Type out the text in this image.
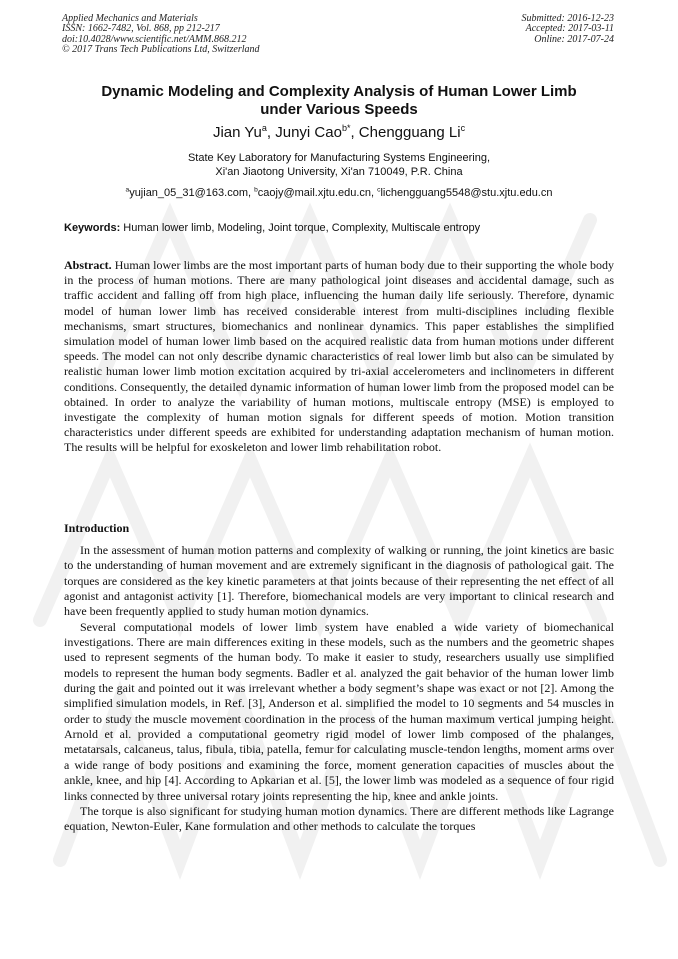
Applied Mechanics and Materials
ISSN: 1662-7482, Vol. 868, pp 212-217
doi:10.4028/www.scientific.net/AMM.868.212
© 2017 Trans Tech Publications Ltd, Switzerland
Submitted: 2016-12-23
Accepted: 2017-03-11
Online: 2017-07-24
Dynamic Modeling and Complexity Analysis of Human Lower Limb
under Various Speeds
Jian Yu$^a$, Junyi Cao$^{b*}$, Chengguang Li$^c$
State Key Laboratory for Manufacturing Systems Engineering,
Xi'an Jiaotong University, Xi'an 710049, P.R. China
$^a$yujian_05_31@163.com, $^b$caojy@mail.xjtu.edu.cn, $^c$lichengguang5548@stu.xjtu.edu.cn
Keywords: Human lower limb, Modeling, Joint torque, Complexity, Multiscale entropy
Abstract. Human lower limbs are the most important parts of human body due to their supporting the whole body in the process of human motions. There are many pathological joint diseases and accidental damage, such as traffic accident and falling off from high place, influencing the human daily life seriously. Therefore, dynamic model of human lower limb has received considerable interest from multi-disciplines including flexible mechanisms, smart structures, biomechanics and nonlinear dynamics. This paper establishes the simplified simulation model of human lower limb based on the acquired realistic data from human motions under different speeds. The model can not only describe dynamic characteristics of real lower limb but also can be simulated by realistic human lower limb motion excitation acquired by tri-axial accelerometers and inclinometers in different conditions. Consequently, the detailed dynamic information of human lower limb from the proposed model can be obtained. In order to analyze the variability of human motions, multiscale entropy (MSE) is employed to investigate the complexity of human motion signals for different speeds of motion. Motion transition characteristics under different speeds are exhibited for understanding adaptation mechanism of human motion. The results will be helpful for exoskeleton and lower limb rehabilitation robot.
Introduction

In the assessment of human motion patterns and complexity of walking or running, the joint kinetics are basic to the understanding of human movement and are extremely significant in the diagnosis of pathological gait. The torques are considered as the key kinetic parameters at that joints because of their representing the net effect of all agonist and antagonist activity [1]. Therefore, biomechanical models are very important to clinical research and have been frequently applied to study human motion dynamics.

Several computational models of lower limb system have enabled a wide variety of biomechanical investigations. There are main differences exiting in these models, such as the numbers and the geometric shapes used to represent segments of the human body. To make it easier to study, researchers usually use simplified models to represent the human body segments. Badler et al. analyzed the gait behavior of the human lower limb during the gait and pointed out it was irrelevant whether a body segment’s shape was exact or not [2]. Among the simplified simulation models, in Ref. [3], Anderson et al. simplified the model to 10 segments and 54 muscles in order to study the muscle movement coordination in the process of the human maximum vertical jumping height. Arnold et al. provided a computational geometry rigid model of lower limb composed of the phalanges, metatarsals, calcaneus, talus, fibula, tibia, patella, femur for calculating muscle-tendon lengths, moment arms over a wide range of body positions and examining the force, moment generation capacities of muscles about the ankle, knee, and hip [4]. According to Apkarian et al. [5], the lower limb was modeled as a sequence of four rigid links connected by three universal rotary joints representing the hip, knee and ankle joints.

The torque is also significant for studying human motion dynamics. There are different methods like Lagrange equation, Newton-Euler, Kane formulation and other methods to calculate the torques
